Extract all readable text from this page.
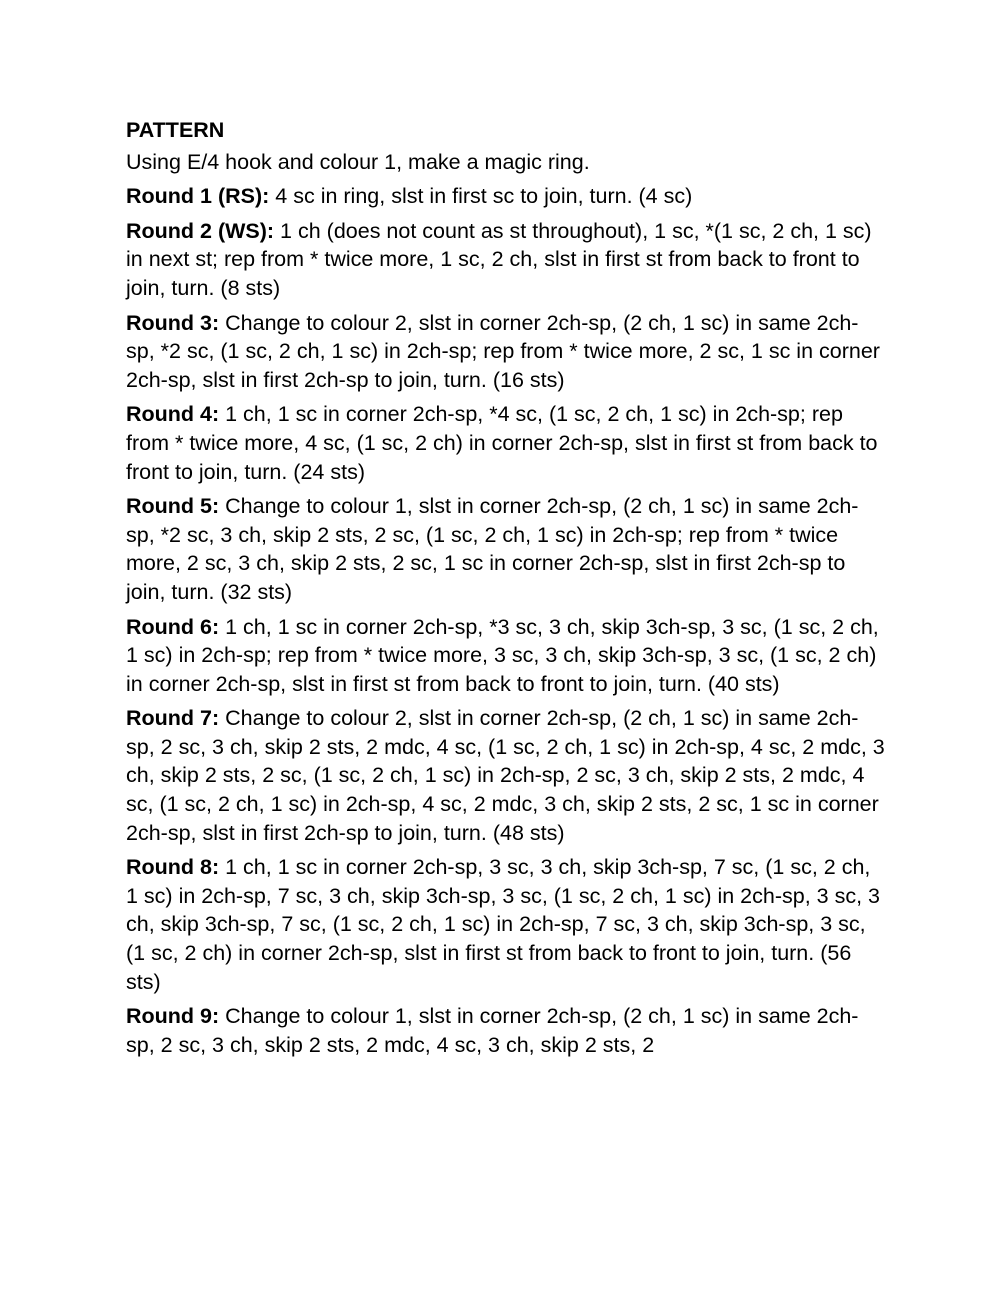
PATTERN

Using E/4 hook and colour 1, make a magic ring.

Round 1 (RS): 4 sc in ring, slst in first sc to join, turn. (4 sc)

Round 2 (WS): 1 ch (does not count as st throughout), 1 sc, *(1 sc, 2 ch, 1 sc) in next st; rep from * twice more, 1 sc, 2 ch, slst in first st from back to front to join, turn. (8 sts)

Round 3: Change to colour 2, slst in corner 2ch-sp, (2 ch, 1 sc) in same 2ch-sp, *2 sc, (1 sc, 2 ch, 1 sc) in 2ch-sp; rep from * twice more, 2 sc, 1 sc in corner 2ch-sp, slst in first 2ch-sp to join, turn. (16 sts)

Round 4: 1 ch, 1 sc in corner 2ch-sp, *4 sc, (1 sc, 2 ch, 1 sc) in 2ch-sp; rep from * twice more, 4 sc, (1 sc, 2 ch) in corner 2ch-sp, slst in first st from back to front to join, turn. (24 sts)

Round 5: Change to colour 1, slst in corner 2ch-sp, (2 ch, 1 sc) in same 2ch-sp, *2 sc, 3 ch, skip 2 sts, 2 sc, (1 sc, 2 ch, 1 sc) in 2ch-sp; rep from * twice more, 2 sc, 3 ch, skip 2 sts, 2 sc, 1 sc in corner 2ch-sp, slst in first 2ch-sp to join, turn. (32 sts)

Round 6: 1 ch, 1 sc in corner 2ch-sp, *3 sc, 3 ch, skip 3ch-sp, 3 sc, (1 sc, 2 ch, 1 sc) in 2ch-sp; rep from * twice more, 3 sc, 3 ch, skip 3ch-sp, 3 sc, (1 sc, 2 ch) in corner 2ch-sp, slst in first st from back to front to join, turn. (40 sts)

Round 7: Change to colour 2, slst in corner 2ch-sp, (2 ch, 1 sc) in same 2ch-sp, 2 sc, 3 ch, skip 2 sts, 2 mdc, 4 sc, (1 sc, 2 ch, 1 sc) in 2ch-sp, 4 sc, 2 mdc, 3 ch, skip 2 sts, 2 sc, (1 sc, 2 ch, 1 sc) in 2ch-sp, 2 sc, 3 ch, skip 2 sts, 2 mdc, 4 sc, (1 sc, 2 ch, 1 sc) in 2ch-sp, 4 sc, 2 mdc, 3 ch, skip 2 sts, 2 sc, 1 sc in corner 2ch-sp, slst in first 2ch-sp to join, turn. (48 sts)

Round 8: 1 ch, 1 sc in corner 2ch-sp, 3 sc, 3 ch, skip 3ch-sp, 7 sc, (1 sc, 2 ch, 1 sc) in 2ch-sp, 7 sc, 3 ch, skip 3ch-sp, 3 sc, (1 sc, 2 ch, 1 sc) in 2ch-sp, 3 sc, 3 ch, skip 3ch-sp, 7 sc, (1 sc, 2 ch, 1 sc) in 2ch-sp, 7 sc, 3 ch, skip 3ch-sp, 3 sc, (1 sc, 2 ch) in corner 2ch-sp, slst in first st from back to front to join, turn. (56 sts)

Round 9: Change to colour 1, slst in corner 2ch-sp, (2 ch, 1 sc) in same 2ch-sp, 2 sc, 3 ch, skip 2 sts, 2 mdc, 4 sc, 3 ch, skip 2 sts, 2
